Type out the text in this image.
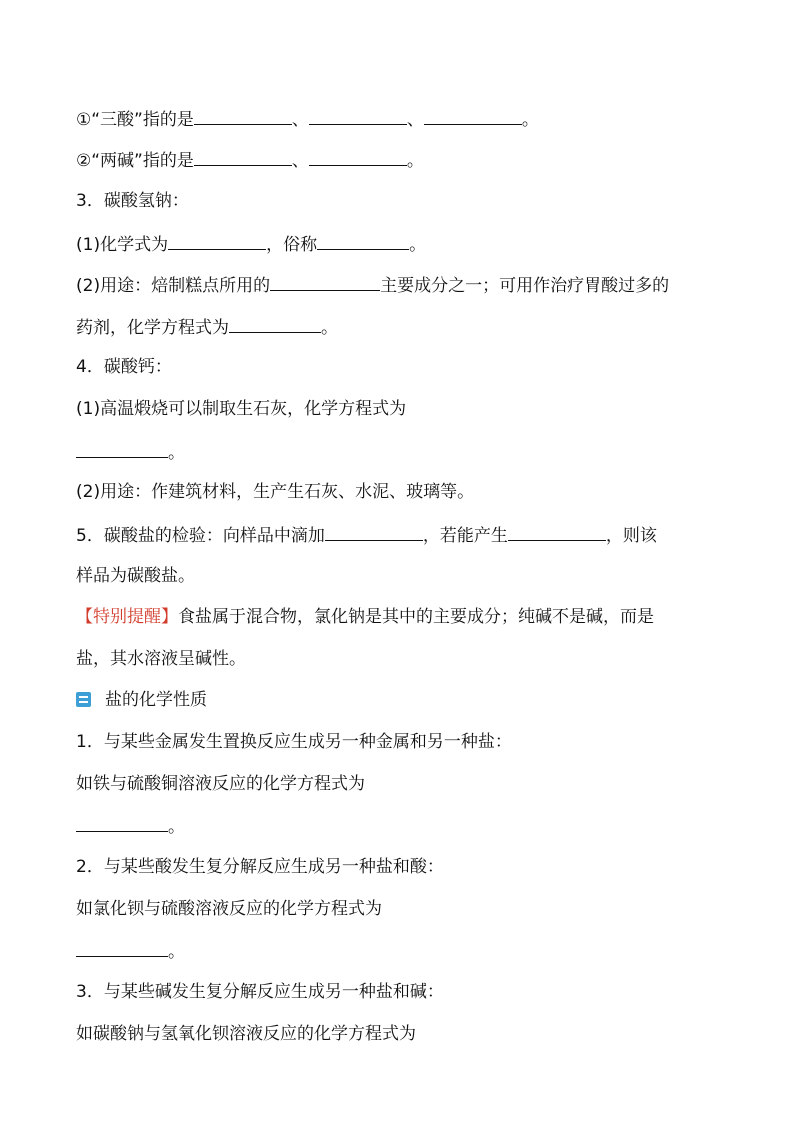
①“三酸”指的是	、	、	。
②“两碱”指的是	、	。
3．碳酸氢钠：
(1)化学式为	，俗称	。
(2)用途：焙制糕点所用的	主要成分之一；可用作治疗胃酸过多的
药剂，化学方程式为	。
4．碳酸钙：
(1)高温煅烧可以制取生石灰，化学方程式为
。
(2)用途：作建筑材料，生产生石灰、水泥、玻璃等。
5．碳酸盐的检验：向样品中滴加	，若能产生	，则该
样品为碳酸盐。
【特别提醒】食盐属于混合物，氯化钠是其中的主要成分；纯碱不是碱，而是
盐，其水溶液呈碱性。
盐的化学性质
1．与某些金属发生置换反应生成另一种金属和另一种盐：
如铁与硫酸铜溶液反应的化学方程式为
。
2．与某些酸发生复分解反应生成另一种盐和酸：
如氯化钡与硫酸溶液反应的化学方程式为
。
3．与某些碱发生复分解反应生成另一种盐和碱：
如碳酸钠与氢氧化钡溶液反应的化学方程式为
